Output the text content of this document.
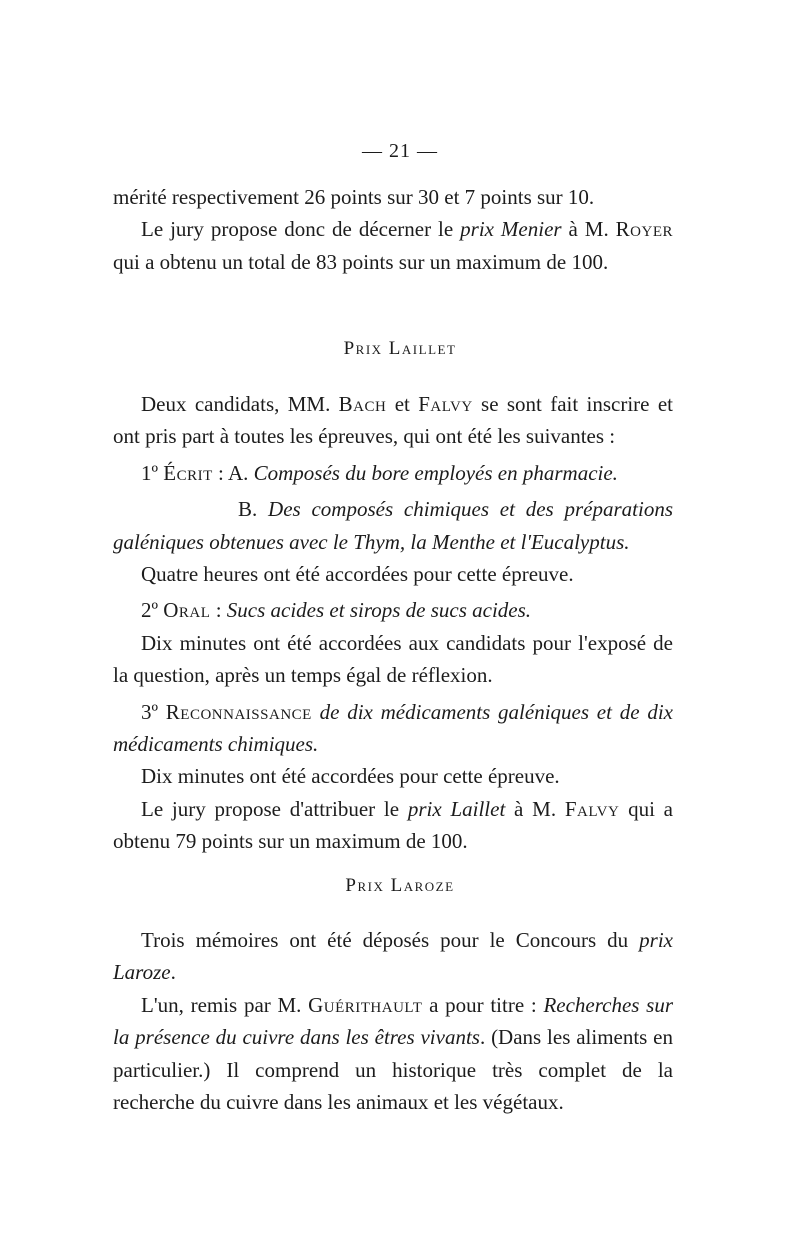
— 21 —

mérité respectivement 26 points sur 30 et 7 points sur 10.

Le jury propose donc de décerner le prix Menier à M. Royer qui a obtenu un total de 83 points sur un maximum de 100.

Prix Laillet

Deux candidats, MM. Bach et Falvy se sont fait inscrire et ont pris part à toutes les épreuves, qui ont été les suivantes :

1º Écrit : A. Composés du bore employés en pharmacie.

B. Des composés chimiques et des préparations galéniques obtenues avec le Thym, la Menthe et l'Eucalyptus.

Quatre heures ont été accordées pour cette épreuve.

2º Oral : Sucs acides et sirops de sucs acides.

Dix minutes ont été accordées aux candidats pour l'exposé de la question, après un temps égal de réflexion.

3º Reconnaissance de dix médicaments galéniques et de dix médicaments chimiques.

Dix minutes ont été accordées pour cette épreuve.

Le jury propose d'attribuer le prix Laillet à M. Falvy qui a obtenu 79 points sur un maximum de 100.

Prix Laroze

Trois mémoires ont été déposés pour le Concours du prix Laroze.

L'un, remis par M. Guérithault a pour titre : Recherches sur la présence du cuivre dans les êtres vivants. (Dans les aliments en particulier.) Il comprend un historique très complet de la recherche du cuivre dans les animaux et les végétaux.
